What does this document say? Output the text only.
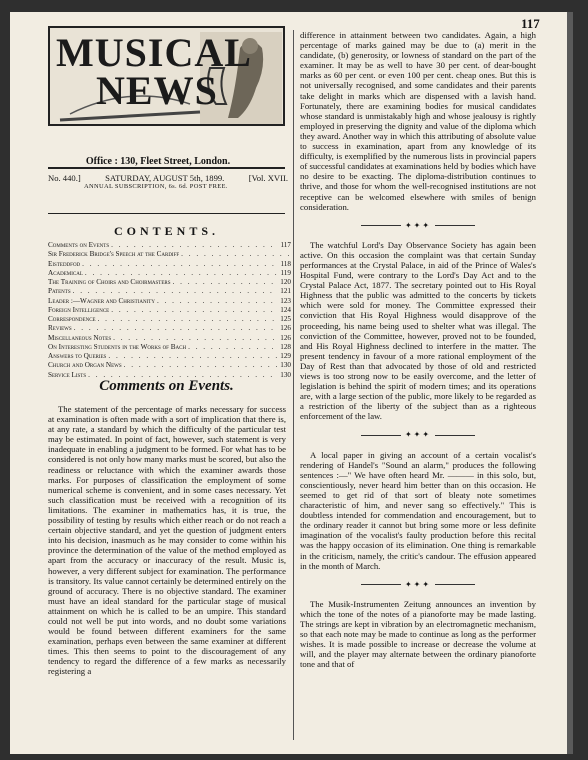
117
MUSICAL
NEWS
Office : 130, Fleet Street, London.
No. 440.]	SATURDAY, AUGUST 5th, 1899.	[Vol. XVII.
ANNUAL SUBSCRIPTION, 6s. 6d. POST FREE.
CONTENTS.
Comments on Events . .	117
Sir Frederick Bridge's Speech at the Cardiff
. .
Eisteddfod . .	118
Academical . .	119
The Training of Choirs and Choirmasters . .	120
Patents . .	121
Leader :—Wagner and Christianity . .	123
Foreign Intelligence . .	124
Correspondence . .	125
Reviews . .	126
Miscellaneous Notes . .	126
On Interesting Students in the Works of Bach . .	128
Answers to Queries . .	129
Church and Organ News . .	130
Service Lists . .	130
Comments on Events.

The statement of the percentage of marks necessary for success at examination is often made with a sort of implication that there is, at any rate, a standard by which the difficulty of the particular test may be estimated. In point of fact, however, such statement is very inadequate in enabling a judgment to be formed. For what has to be considered is not only how many marks must be scored, but also the readiness or reluctance with which the examiner awards those marks. For purposes of classification the employment of some numerical scheme is convenient, and in some cases necessary. Yet such classification must be received with a recognition of its limitations. The examiner in mathematics has, it is true, the possibility of testing by results which either reach or do not reach a certain objective standard, and yet the question of judgment enters into his decision, inasmuch as he may consider to come within his province the determination of the value of the method employed as apart from the accuracy or inaccuracy of the result. Music is, however, a very different subject for examination. The performance is transitory. Its value cannot certainly be determined entirely on the ground of accuracy. There is no objective standard. The examiner must have an ideal standard for the particular stage of musical attainment on which he is called to be an umpire. This standard could not well be put into words, and no doubt some variations would be found between different examiners for the same examination, perhaps even between the same examiner at different times. This then seems to point to the discouragement of any tendency to regard the difference of a few marks as necessarily registering a

difference in attainment between two candidates. Again, a high percentage of marks gained may be due to (a) merit in the candidate, (b) generosity, or lowness of standard on the part of the examiner. It may be as well to have 30 per cent. of dear-bought marks as 60 per cent. or even 100 per cent. cheap ones. But this is not universally recognised, and some candidates and their parents take delight in marks which are dispensed with a lavish hand. Fortunately, there are examining bodies for musical candidates whose standard is unmistakably high and whose jealousy is rightly employed in preserving the dignity and value of the diploma which they award. Another way in which this attributing of absolute value to success in examination, apart from any knowledge of its difficulty, is exemplified by the numerous lists in provincial papers of successful candidates at examinations held by bodies which have no desire to be exacting. The diploma-distribution continues to thrive, and those for whom the well-recognised institutions are not receptive can be welcomed elsewhere with smiles of benign consideration.

✦✦✦

The watchful Lord's Day Observance Society has again been active. On this occasion the complaint was that certain Sunday performances at the Crystal Palace, in aid of the Prince of Wales's Hospital Fund, were contrary to the Lord's Day Act and to the Crystal Palace Act, 1877. The secretary pointed out to His Royal Highness that the public was admitted to the concerts by tickets which were sold for money. The Committee expressed their conviction that His Royal Highness would disapprove of the proceeding, his name being used to shelter what was illegal. The conviction of the Committee, however, proved not to be founded, and His Royal Highness declined to interfere in the matter. The present tendency in favour of a more rational employment of the Day of Rest than that advocated by those of old and restricted views is too strong now to be easily overcome, and the letter of legislation is behind the spirit of modern times; and its operations are, with a large section of the public, more likely to be regarded as a restriction of the liberty of the subject than as a righteous enforcement of the law.

✦✦✦

A local paper in giving an account of a certain vocalist's rendering of Handel's "Sound an alarm," produces the following sentences :—" We have often heard Mr. ——— in this solo, but, conscientiously, never heard him better than on this occasion. He seemed to get rid of that sort of bleaty note sometimes characteristic of him, and never sang so effectively." This is doubtless intended for commendation and encouragement, but to the ordinary reader it cannot but bring some more or less definite imagination of the vocalist's faulty production before this recital was the happy occasion of its elimination. One thing is remarkable in the criticism, namely, the critic's candour. The effusion appeared in the month of March.

✦✦✦

The Musik-Instrumenten Zeitung announces an invention by which the tone of the notes of a pianoforte may be made lasting. The strings are kept in vibration by an electromagnetic mechanism, so that each note may be made to continue as long as the performer wishes. It is made possible to increase or decrease the volume at will, and the player may alternate between the ordinary pianoforte tone and that of
